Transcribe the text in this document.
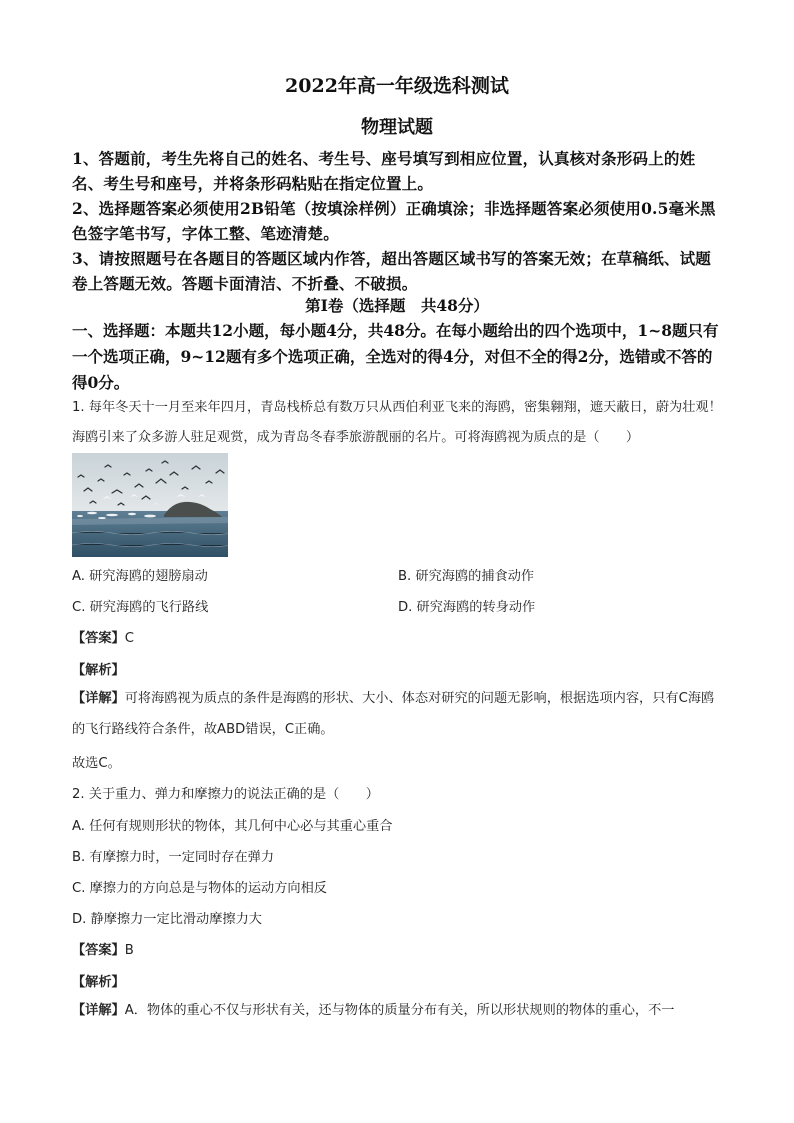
2022年高一年级选科测试
物理试题
1、答题前，考生先将自己的姓名、考生号、座号填写到相应位置，认真核对条形码上的姓名、考生号和座号，并将条形码粘贴在指定位置上。
2、选择题答案必须使用2B铅笔（按填涂样例）正确填涂；非选择题答案必须使用0.5毫米黑色签字笔书写，字体工整、笔迹清楚。
3、请按照题号在各题目的答题区域内作答，超出答题区域书写的答案无效；在草稿纸、试题卷上答题无效。答题卡面清洁、不折叠、不破损。
第Ⅰ卷（选择题　共48分）
一、选择题：本题共12小题，每小题4分，共48分。在每小题给出的四个选项中，1~8题只有一个选项正确，9~12题有多个选项正确，全选对的得4分，对但不全的得2分，选错或不答的得0分。
1. 每年冬天十一月至来年四月，青岛栈桥总有数万只从西伯利亚飞来的海鸥，密集翱翔，遮天蔽日，蔚为壮观！海鸥引来了众多游人驻足观赏，成为青岛冬春季旅游靓丽的名片。可将海鸥视为质点的是（　　）
A. 研究海鸥的翅膀扇动	B. 研究海鸥的捕食动作
C. 研究海鸥的飞行路线	D. 研究海鸥的转身动作
【答案】C
【解析】
【详解】可将海鸥视为质点的条件是海鸥的形状、大小、体态对研究的问题无影响，根据选项内容，只有C海鸥的飞行路线符合条件，故ABD错误，C正确。
故选C。
2. 关于重力、弹力和摩擦力的说法正确的是（　　）
A. 任何有规则形状的物体，其几何中心必与其重心重合
B. 有摩擦力时，一定同时存在弹力
C. 摩擦力的方向总是与物体的运动方向相反
D. 静摩擦力一定比滑动摩擦力大
【答案】B
【解析】
【详解】A．物体的重心不仅与形状有关，还与物体的质量分布有关，所以形状规则的物体的重心，不一
